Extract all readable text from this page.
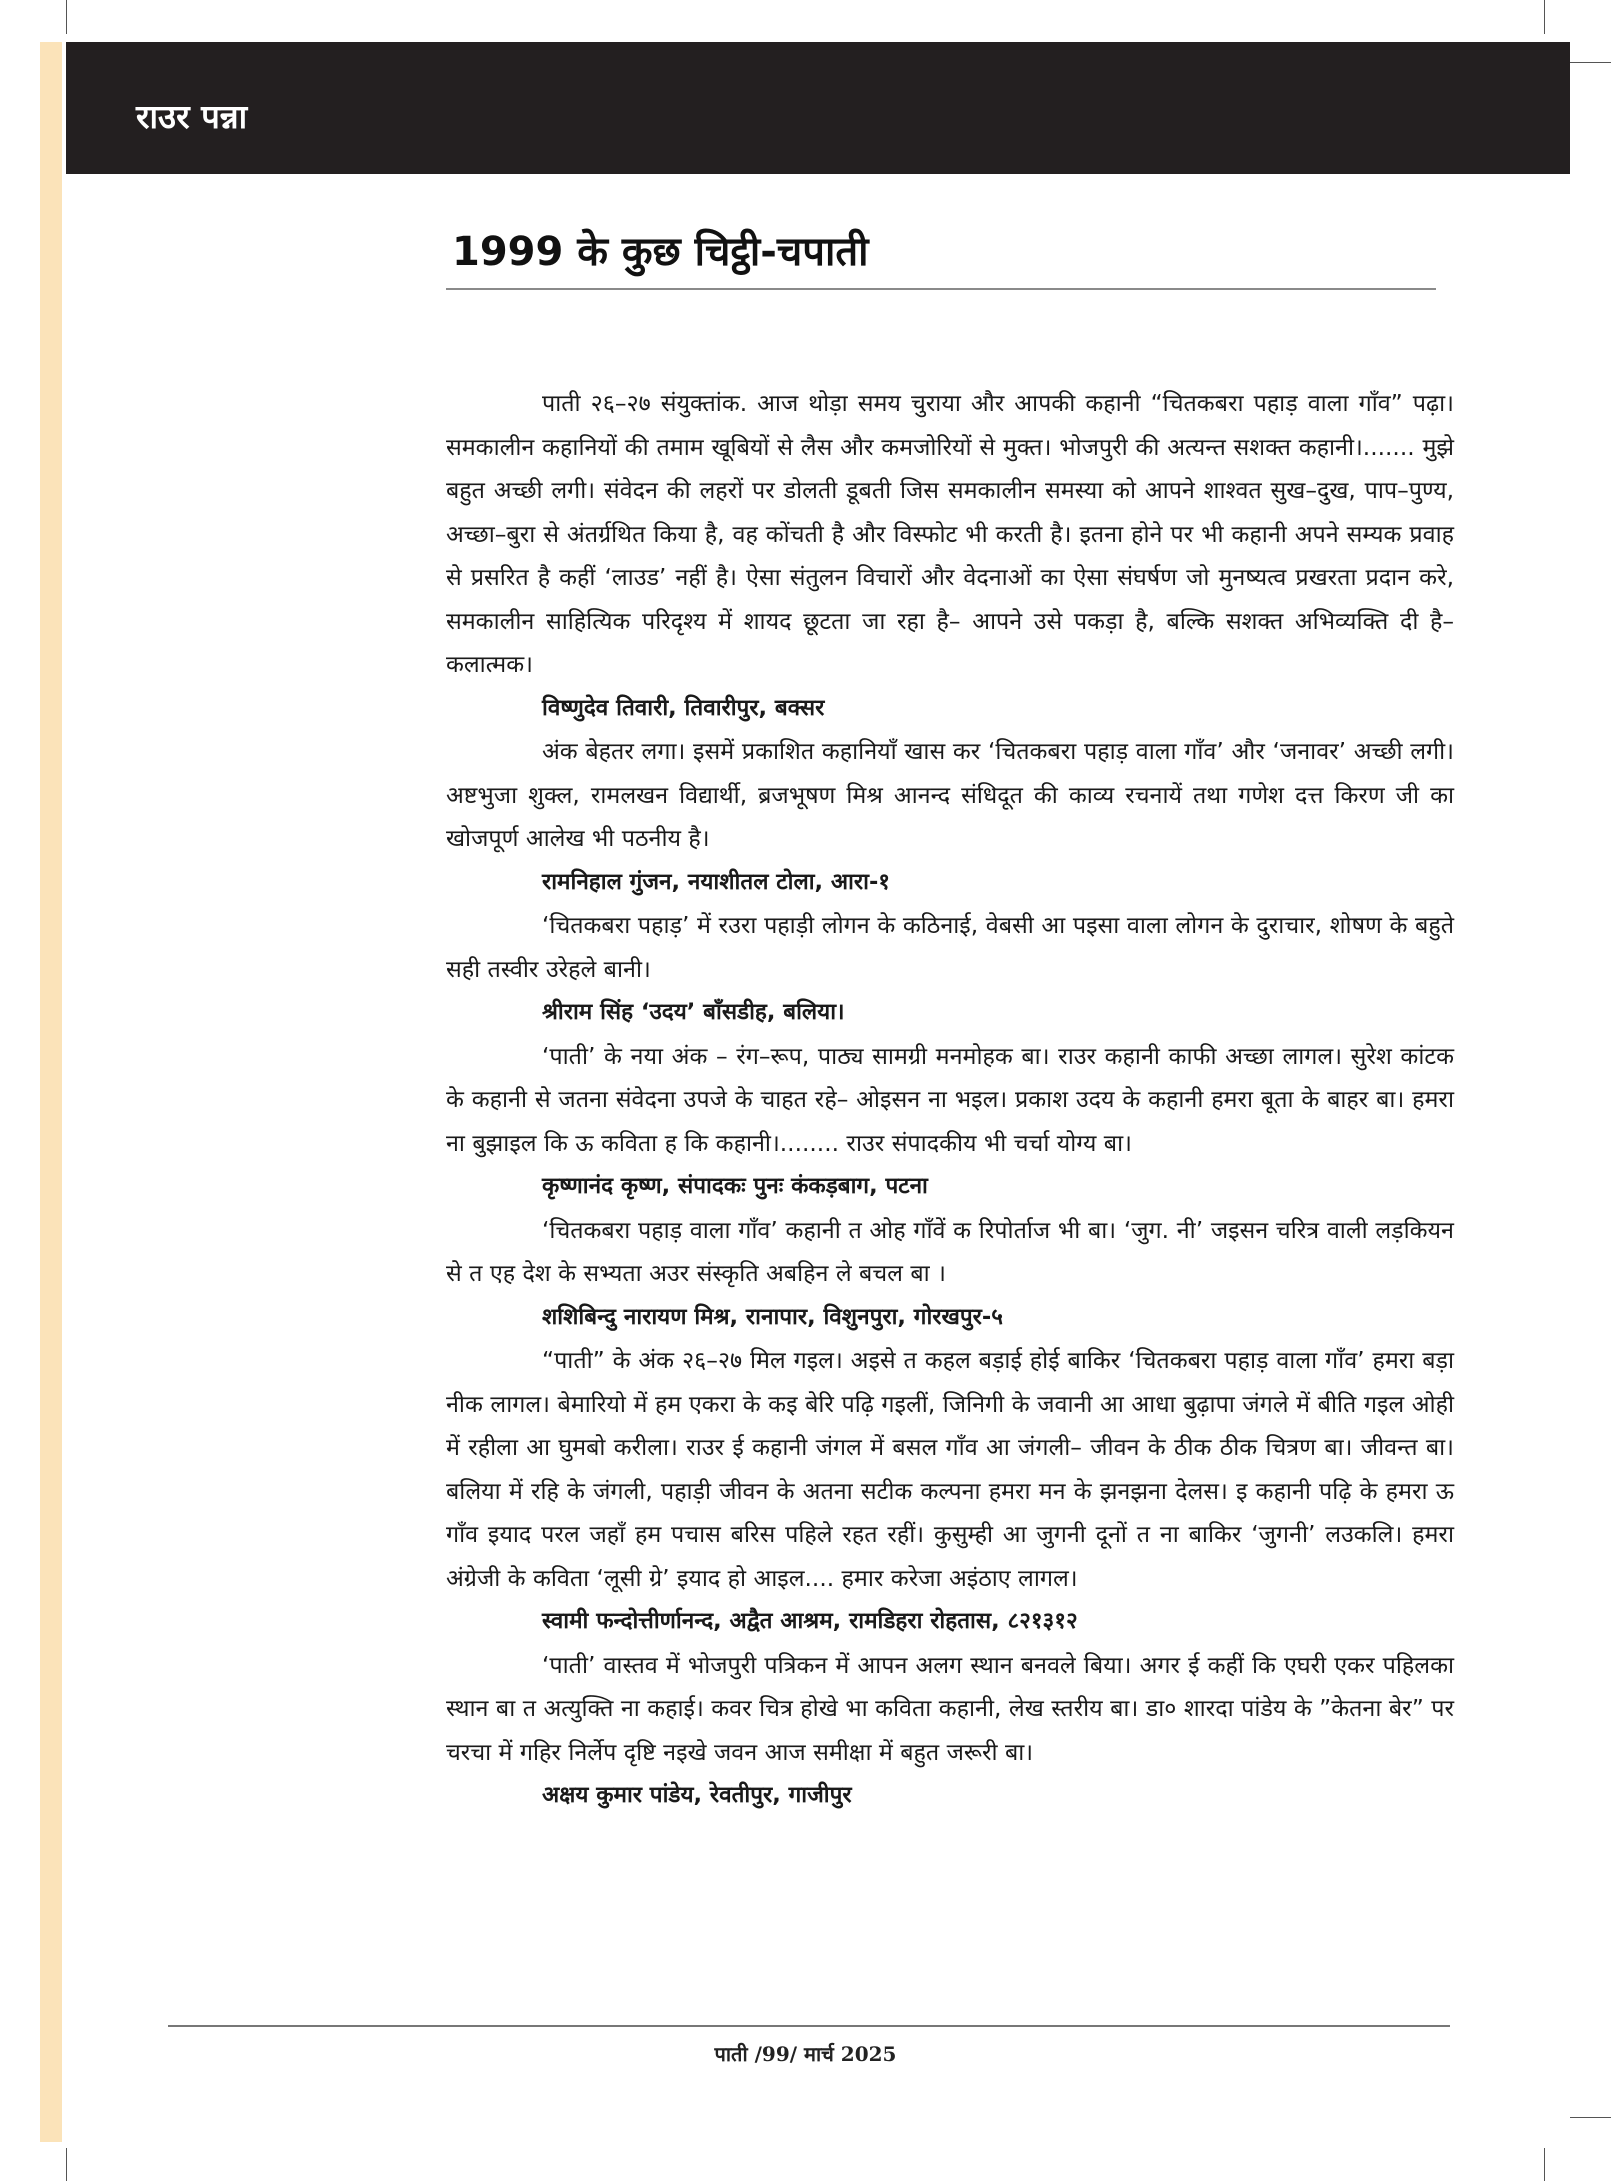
राउर पन्ना
1999 के कुछ चिट्ठी-चपाती

पाती २६–२७ संयुक्तांक. आज थोड़ा समय चुराया और आपकी कहानी “चितकबरा पहाड़ वाला गाँव” पढ़ा। समकालीन कहानियों की तमाम खूबियों से लैस और कमजोरियों से मुक्त। भोजपुरी की अत्यन्त सशक्त कहानी।....... मुझे बहुत अच्छी लगी। संवेदन की लहरों पर डोलती डूबती जिस समकालीन समस्या को आपने शाश्वत सुख–दुख, पाप–पुण्य, अच्छा–बुरा से अंतर्ग्रथित किया है, वह कोंचती है और विस्फोट भी करती है। इतना होने पर भी कहानी अपने सम्यक प्रवाह से प्रसरित है कहीं ‘लाउड’ नहीं है। ऐसा संतुलन विचारों और वेदनाओं का ऐसा संघर्षण जो मुनष्यत्व प्रखरता प्रदान करे, समकालीन साहित्यिक परिदृश्य में शायद छूटता जा रहा है– आपने उसे पकड़ा है, बल्कि सशक्त अभिव्यक्ति दी है– कलात्मक।

विष्णुदेव तिवारी, तिवारीपुर, बक्सर

अंक बेहतर लगा। इसमें प्रकाशित कहानियाँ खास कर ‘चितकबरा पहाड़ वाला गाँव’ और ‘जनावर’ अच्छी लगी। अष्टभुजा शुक्ल, रामलखन विद्यार्थी, ब्रजभूषण मिश्र आनन्द संधिदूत की काव्य रचनायें तथा गणेश दत्त किरण जी का खोजपूर्ण आलेख भी पठनीय है।

रामनिहाल गुंजन, नयाशीतल टोला, आरा-१

‘चितकबरा पहाड़’ में रउरा पहाड़ी लोगन के कठिनाई, वेबसी आ पइसा वाला लोगन के दुराचार, शोषण के बहुते सही तस्वीर उरेहले बानी।

श्रीराम सिंह ‘उदय’ बाँसडीह, बलिया।

‘पाती’ के नया अंक – रंग–रूप, पाठ्य सामग्री मनमोहक बा। राउर कहानी काफी अच्छा लागल। सुरेश कांटक के कहानी से जतना संवेदना उपजे के चाहत रहे– ओइसन ना भइल। प्रकाश उदय के कहानी हमरा बूता के बाहर बा। हमरा ना बुझाइल कि ऊ कविता ह कि कहानी।........ राउर संपादकीय भी चर्चा योग्य बा।

कृष्णानंद कृष्ण, संपादकः पुनः कंकड़बाग, पटना

‘चितकबरा पहाड़ वाला गाँव’ कहानी त ओह गाँवें क रिपोर्ताज भी बा। ‘जुग. नी’ जइसन चरित्र वाली लड़कियन से त एह देश के सभ्यता अउर संस्कृति अबहिन ले बचल बा ।

शशिबिन्दु नारायण मिश्र, रानापार, विशुनपुरा, गोरखपुर-५

“पाती” के अंक २६–२७ मिल गइल। अइसे त कहल बड़ाई होई बाकिर ‘चितकबरा पहाड़ वाला गाँव’ हमरा बड़ा नीक लागल। बेमारियो में हम एकरा के कइ बेरि पढ़ि गइलीं, जिनिगी के जवानी आ आधा बुढ़ापा जंगले में बीति गइल ओही में रहीला आ घुमबो करीला। राउर ई कहानी जंगल में बसल गाँव आ जंगली– जीवन के ठीक ठीक चित्रण बा। जीवन्त बा। बलिया में रहि के जंगली, पहाड़ी जीवन के अतना सटीक कल्पना हमरा मन के झनझना देलस। इ कहानी पढ़ि के हमरा ऊ गाँव इयाद परल जहाँ हम पचास बरिस पहिले रहत रहीं। कुसुम्ही आ जुगनी दूनों त ना बाकिर ‘जुगनी’ लउकलि। हमरा अंग्रेजी के कविता ‘लूसी ग्रे’ इयाद हो आइल.... हमार करेजा अइंठाए लागल।

स्वामी फन्दोत्तीर्णानन्द, अद्वैत आश्रम, रामडिहरा रोहतास, ८२१३१२

‘पाती’ वास्तव में भोजपुरी पत्रिकन में आपन अलग स्थान बनवले बिया। अगर ई कहीं कि एघरी एकर पहिलका स्थान बा त अत्युक्ति ना कहाई। कवर चित्र होखे भा कविता कहानी, लेख स्तरीय बा। डा० शारदा पांडेय के ”केतना बेर” पर चरचा में गहिर निर्लेप दृष्टि नइखे जवन आज समीक्षा में बहुत जरूरी बा।

अक्षय कुमार पांडेय, रेवतीपुर, गाजीपुर

पाती /99/ मार्च 2025
